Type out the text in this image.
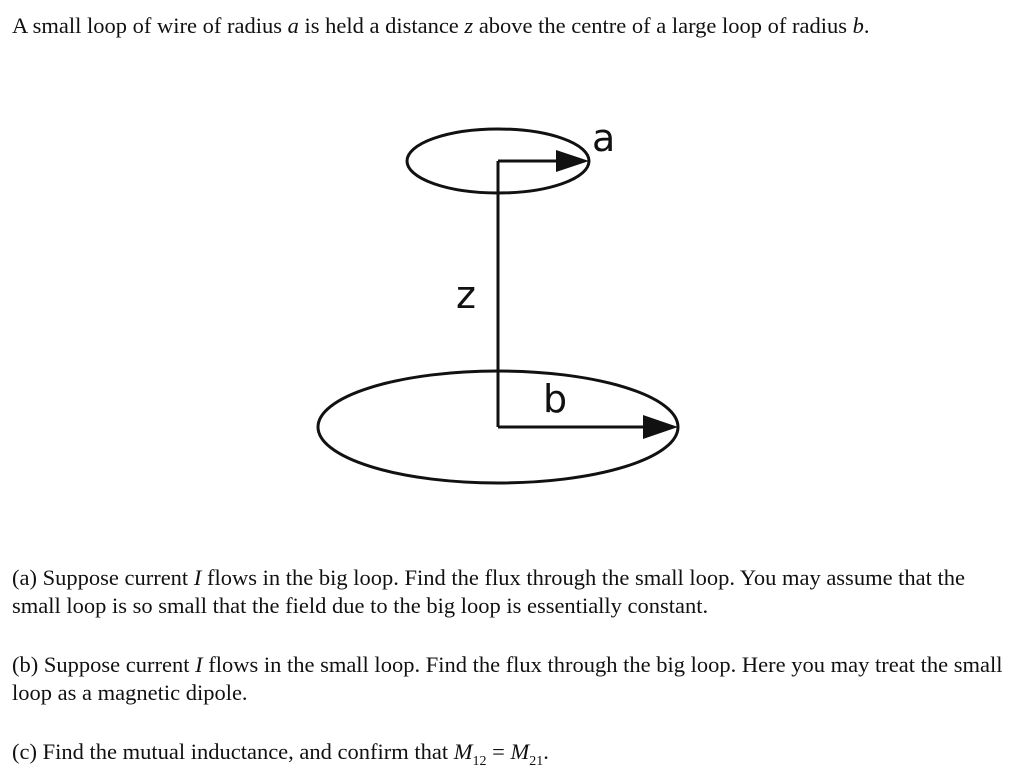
A small loop of wire of radius a is held a distance z above the centre of a large loop of radius b.

a
z
b

(a) Suppose current I flows in the big loop. Find the flux through the small loop. You may assume that the small loop is so small that the field due to the big loop is essentially constant.

(b) Suppose current I flows in the small loop. Find the flux through the big loop. Here you may treat the small loop as a magnetic dipole.

(c) Find the mutual inductance, and confirm that $M_{12} = M_{21}$.
